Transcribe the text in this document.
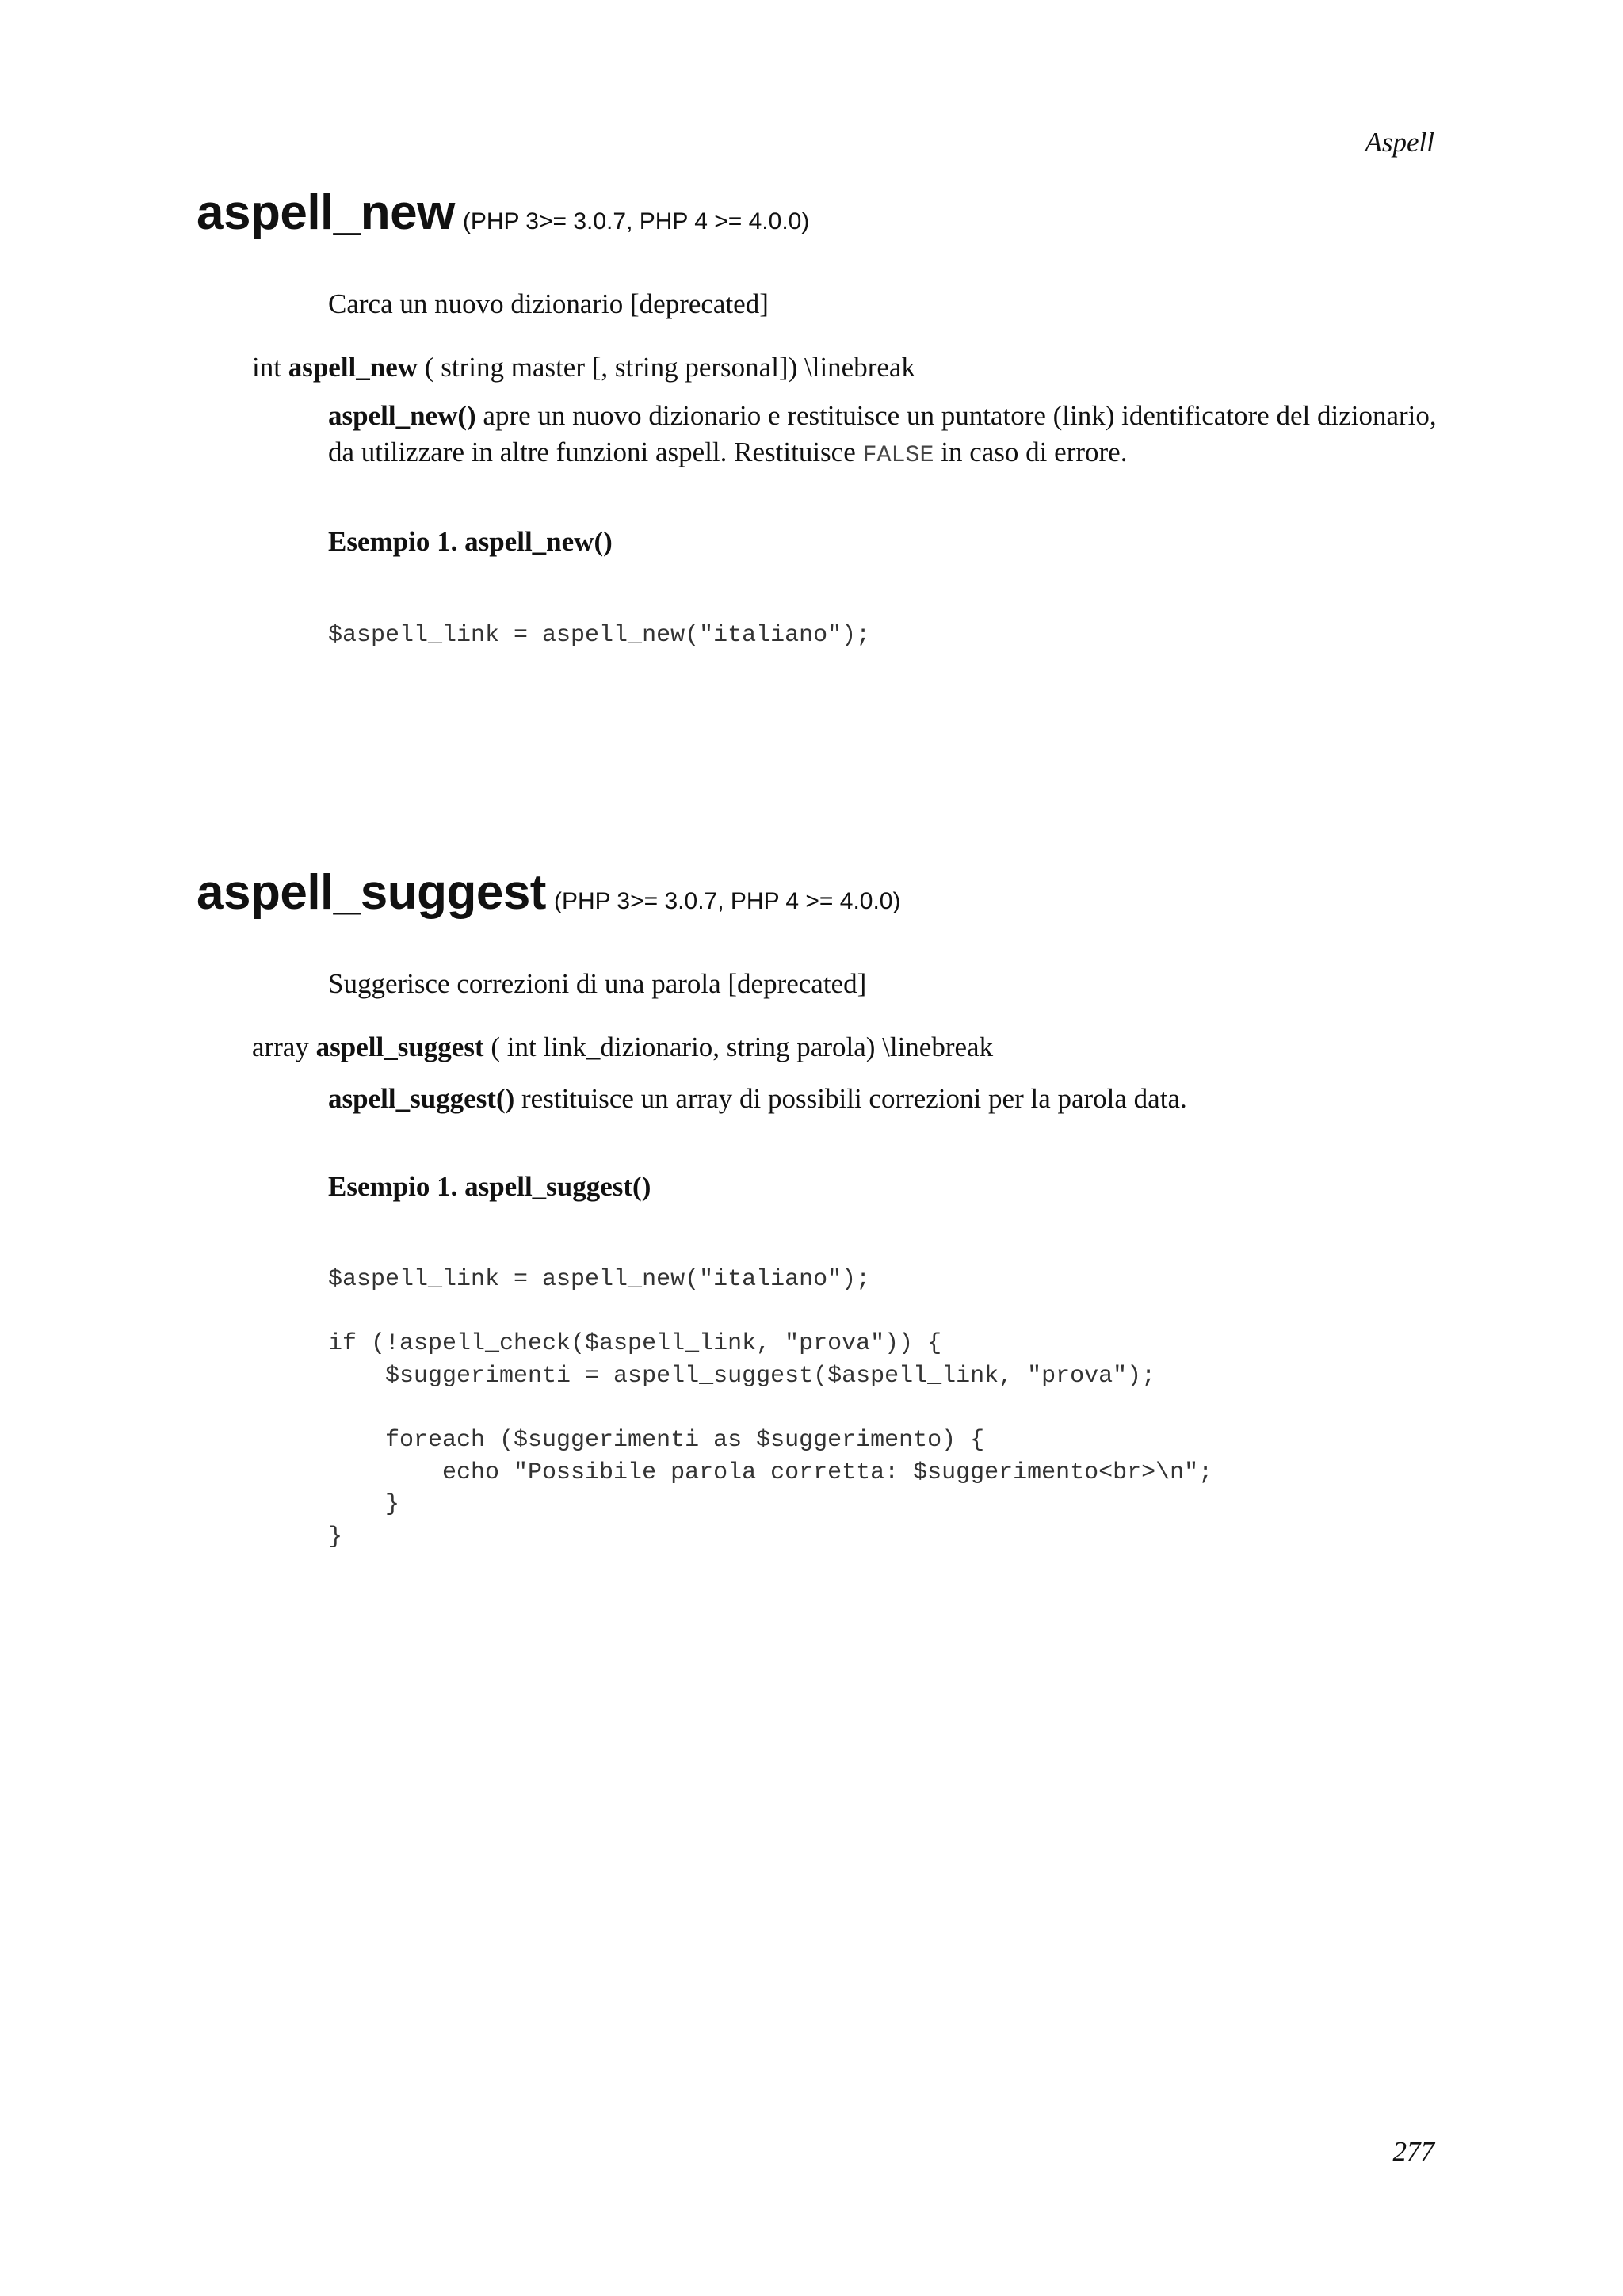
Aspell
aspell_new (PHP 3>= 3.0.7, PHP 4 >= 4.0.0)
Carca un nuovo dizionario [deprecated]
int aspell_new ( string master [, string personal]) \linebreak
aspell_new() apre un nuovo dizionario e restituisce un puntatore (link) identificatore del dizionario, da utilizzare in altre funzioni aspell. Restituisce FALSE in caso di errore.
Esempio 1. aspell_new()
$aspell_link = aspell_new("italiano");
aspell_suggest (PHP 3>= 3.0.7, PHP 4 >= 4.0.0)
Suggerisce correzioni di una parola [deprecated]
array aspell_suggest ( int link_dizionario, string parola) \linebreak
aspell_suggest() restituisce un array di possibili correzioni per la parola data.
Esempio 1. aspell_suggest()
$aspell_link = aspell_new("italiano");

if (!aspell_check($aspell_link, "prova")) {
$suggerimenti = aspell_suggest($aspell_link, "prova");

foreach ($suggerimenti as $suggerimento) {
echo "Possibile parola corretta: $suggerimento<br>\n";
}
}
277
